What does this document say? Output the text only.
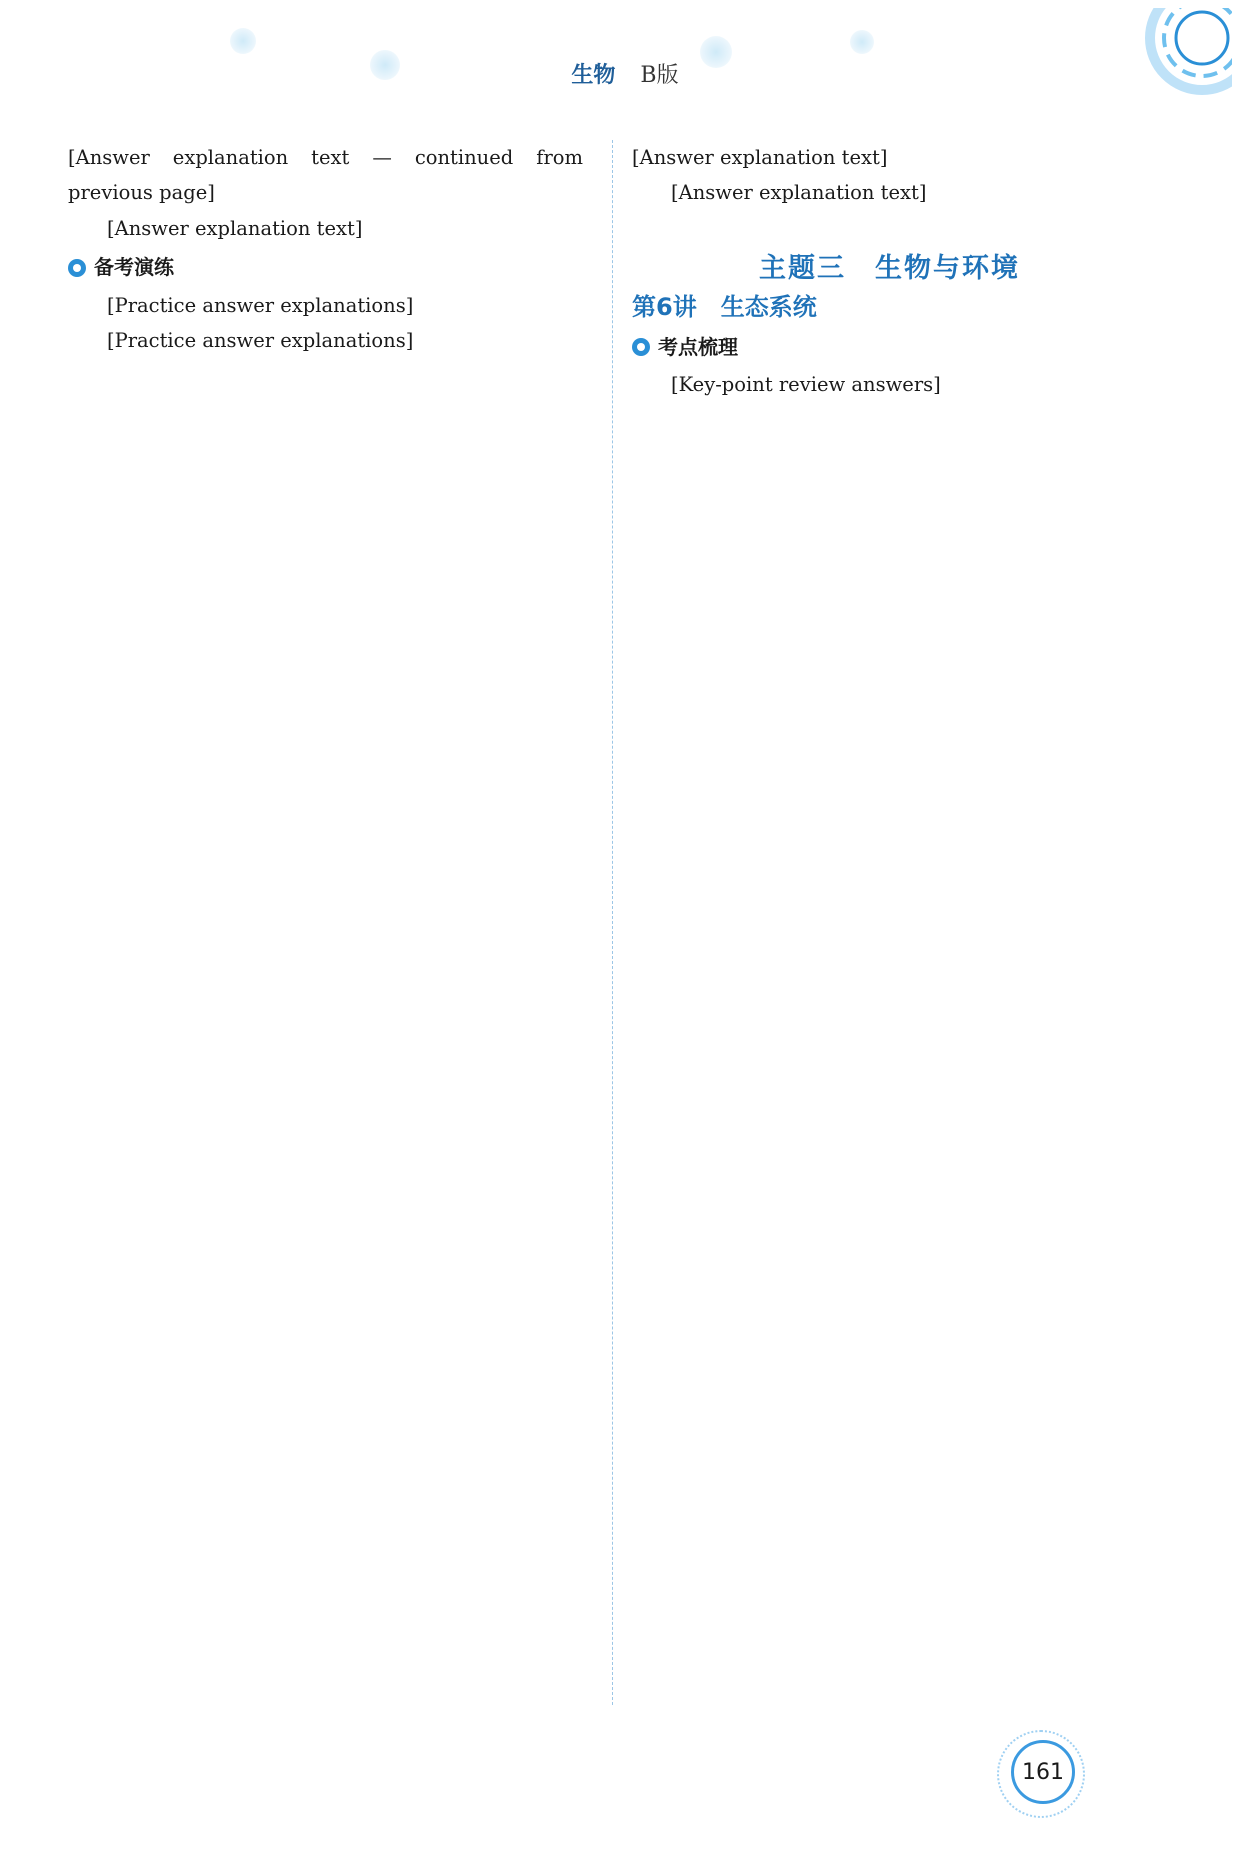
生物 B版

[Answer explanation text — continued from previous page]

[Answer explanation text]

备考演练

[Practice answer explanations]

[Practice answer explanations]

[Answer explanation text]

[Answer explanation text]

主题三　生物与环境
第6讲　生态系统
考点梳理

[Key-point review answers]

161
